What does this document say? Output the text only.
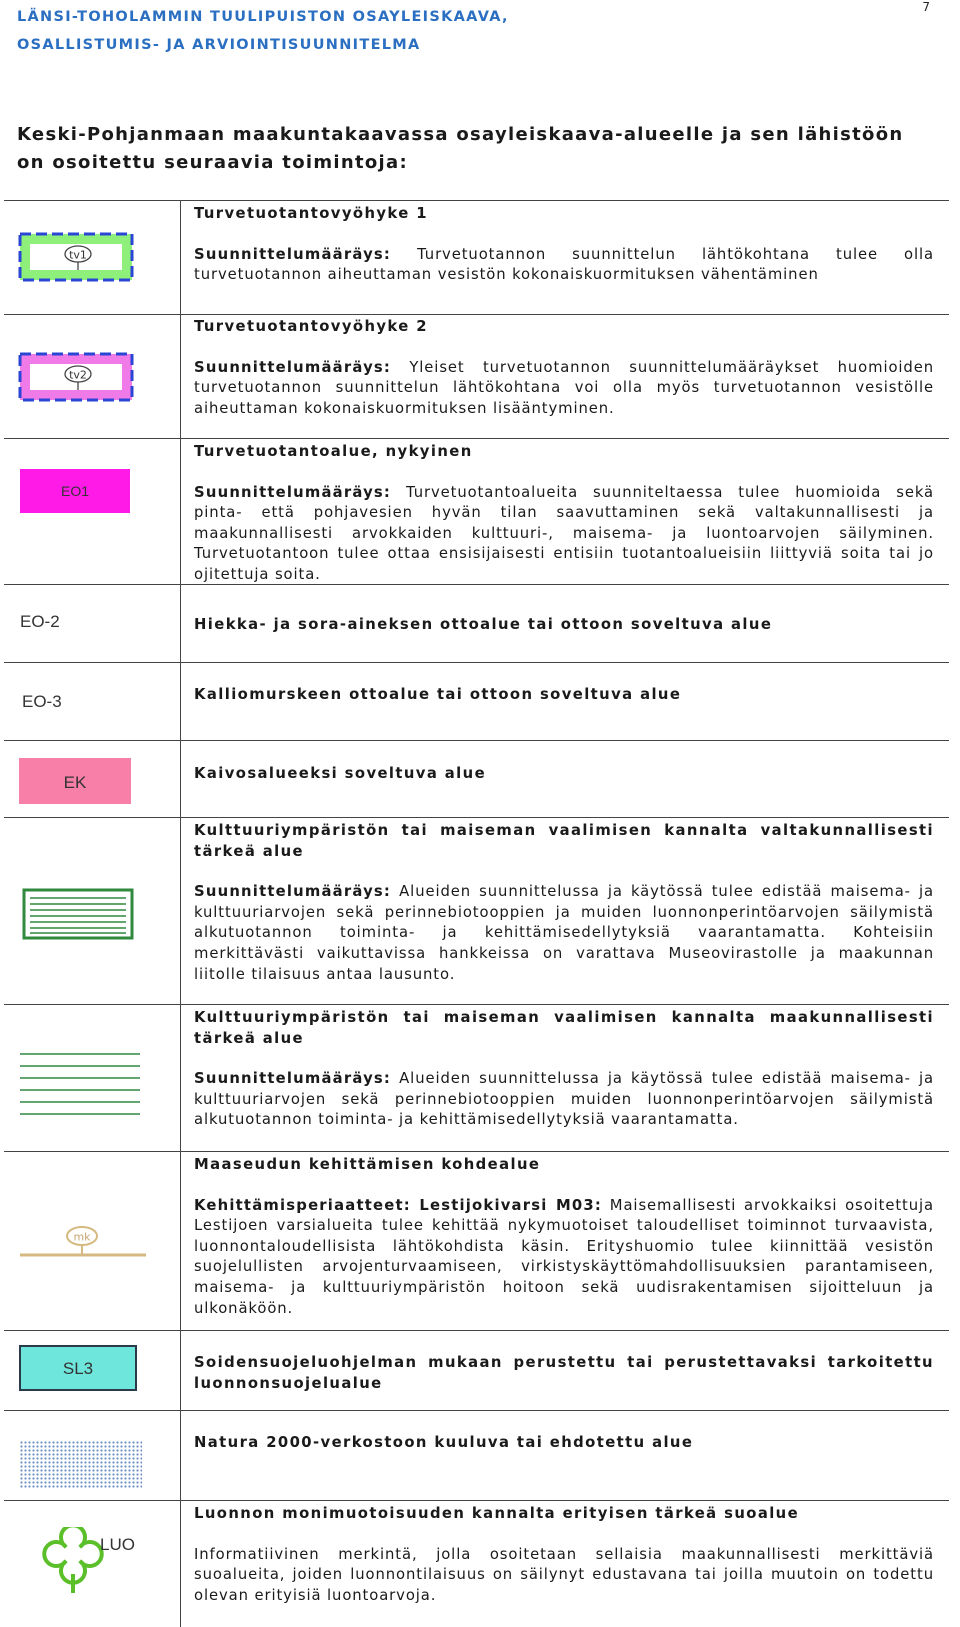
LÄNSI-TOHOLAMMIN TUULIPUISTON OSAYLEISKAAVA,
OSALLISTUMIS- JA ARVIOINTISUUNNITELMA
7
Keski-Pohjanmaan maakuntakaavassa osayleiskaava-alueelle ja sen lähistöön on osoitettu seuraavia toimintoja:
tv1
Turvetuotantovyöhyke 1

Suunnittelumääräys: Turvetuotannon suunnittelun lähtökohtana tulee olla turvetuotannon aiheuttaman vesistön kokonaiskuormituksen vähentäminen

tv2
Turvetuotantovyöhyke 2

Suunnittelumääräys: Yleiset turvetuotannon suunnittelumääräykset huomioiden turvetuotannon suunnittelun lähtökohtana voi olla myös turvetuotannon vesistölle aiheuttaman kokonaiskuormituksen lisääntyminen.

EO1
Turvetuotantoalue, nykyinen

Suunnittelumääräys: Turvetuotantoalueita suunniteltaessa tulee huomioida sekä pinta- että pohjavesien hyvän tilan saavuttaminen sekä valtakunnallisesti ja maakunnallisesti arvokkaiden kulttuuri-, maisema- ja luontoarvojen säilyminen. Turvetuotantoon tulee ottaa ensisijaisesti entisiin tuotantoalueisiin liittyviä soita tai jo ojitettuja soita.

EO-2	Hiekka- ja sora-aineksen ottoalue tai ottoon soveltuva alue
EO-3	Kalliomurskeen ottoalue tai ottoon soveltuva alue
EK	Kaivosalueeksi soveltuva alue
Kulttuuriympäristön tai maiseman vaalimisen kannalta valtakunnallisesti tärkeä alue

Suunnittelumääräys: Alueiden suunnittelussa ja käytössä tulee edistää maisema- ja kulttuuriarvojen sekä perinnebiotooppien ja muiden luonnonperintöarvojen säilymistä alkutuotannon toiminta- ja kehittämisedellytyksiä vaarantamatta. Kohteisiin merkittävästi vaikuttavissa hankkeissa on varattava Museovirastolle ja maakunnan liitolle tilaisuus antaa lausunto.

Kulttuuriympäristön tai maiseman vaalimisen kannalta maakunnallisesti tärkeä alue

Suunnittelumääräys: Alueiden suunnittelussa ja käytössä tulee edistää maisema- ja kulttuuriarvojen sekä perinnebiotooppien muiden luonnonperintöarvojen säilymistä alkutuotannon toiminta- ja kehittämisedellytyksiä vaarantamatta.

mk
Maaseudun kehittämisen kohdealue

Kehittämisperiaatteet: Lestijokivarsi M03: Maisemallisesti arvokkaiksi osoitettuja Lestijoen varsialueita tulee kehittää nykymuotoiset taloudelliset toiminnot turvaavista, luonnontaloudellisista lähtökohdista käsin. Erityshuomio tulee kiinnittää vesistön suojelullisten arvojenturvaamiseen, virkistyskäyttömahdollisuuksien parantamiseen, maisema- ja kulttuuriympäristön hoitoon sekä uudisrakentamisen sijoitteluun ja ulkonäköön.

SL3	Soidensuojeluohjelman mukaan perustettu tai perustettavaksi tarkoitettu luonnonsuojelualue
Natura 2000-verkostoon kuuluva tai ehdotettu alue
LUO
Luonnon monimuotoisuuden kannalta erityisen tärkeä suoalue

Informatiivinen merkintä, jolla osoitetaan sellaisia maakunnallisesti merkittäviä suoalueita, joiden luonnontilaisuus on säilynyt edustavana tai joilla muutoin on todettu olevan erityisiä luontoarvoja.
